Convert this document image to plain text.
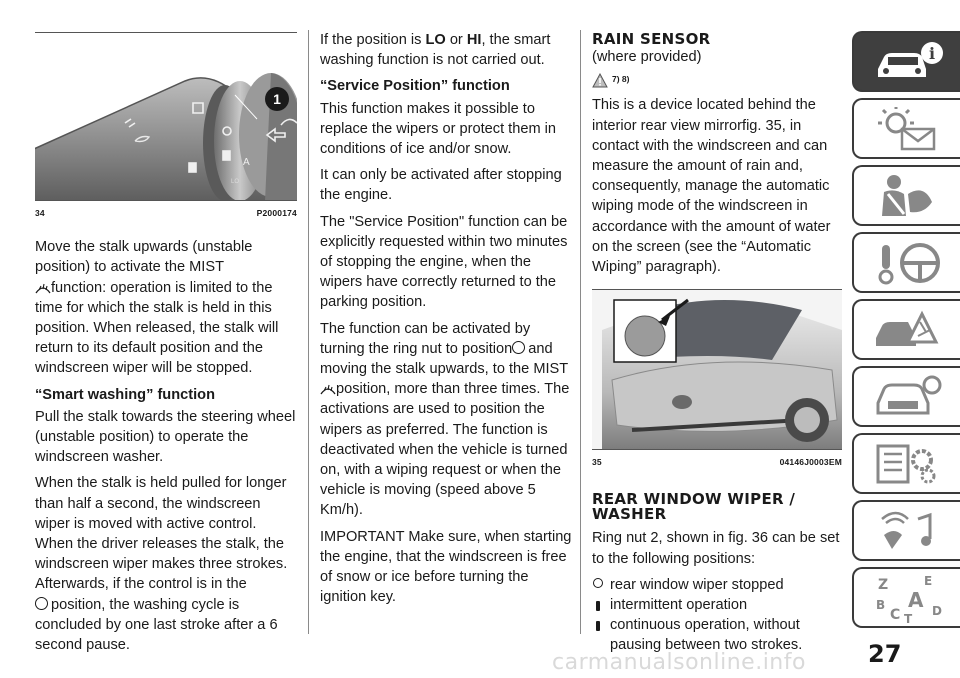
A
LO
1
34	P2000174

Move the stalk upwards (unstable position) to activate the MIST
function: operation is limited to the time for which the stalk is held in this position. When released, the stalk will return to its default position and the windscreen wiper will be stopped.

“Smart washing” function

Pull the stalk towards the steering wheel (unstable position) to operate the windscreen washer.

When the stalk is held pulled for longer than half a second, the windscreen wiper is moved with active control. When the driver releases the stalk, the windscreen wiper makes three strokes. Afterwards, if the control is in the
position, the washing cycle is concluded by one last stroke after a 6 second pause.

If the position is LO or HI, the smart washing function is not carried out.

“Service Position” function

This function makes it possible to replace the wipers or protect them in conditions of ice and/or snow.

It can only be activated after stopping the engine.

The "Service Position" function can be explicitly requested within two minutes of stopping the engine, when the wipers have correctly returned to the parking position.

The function can be activated by turning the ring nut to position and moving the stalk upwards, to the MIST
position, more than three times. The activations are used to position the wipers as preferred. The function is deactivated when the vehicle is turned on, with a wiping request or when the vehicle is moving (speed above 5 Km/h).

IMPORTANT Make sure, when starting the engine, that the windscreen is free of snow or ice before turning the ignition key.

RAIN SENSOR
(where provided)
7) 8)

This is a device located behind the interior rear view mirrorfig. 35, in contact with the windscreen and can measure the amount of rain and, consequently, manage the automatic wiping mode of the windscreen in accordance with the amount of water on the screen (see the “Automatic Wiping” paragraph).

35	04146J0003EM
REAR WINDOW WIPER /
WASHER

Ring nut 2, shown in fig. 36 can be set to the following positions:

rear window wiper stopped
intermittent operation
continuous operation, without pausing between two strokes.
i
Z	E
B A
C	D
T
carmanualsonline.info	27
